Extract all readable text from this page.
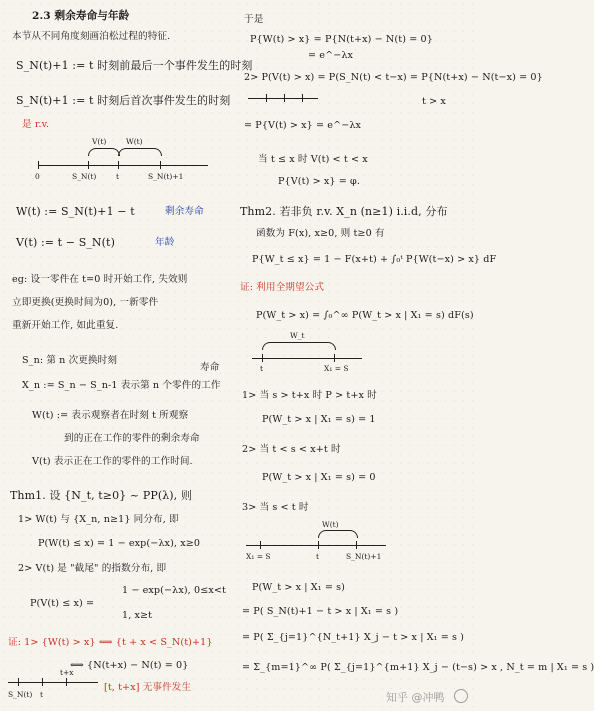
2.3 剩余寿命与年龄
本节从不同角度刻画泊松过程的特征.
S_N(t)+1 := t 时刻前最后一个事件发生的时刻
S_N(t)+1 := t 时刻后首次事件发生的时刻
是 r.v.
V(t)	W(t)
0	S_N(t)	t	S_N(t)+1
W(t) := S_N(t)+1 − t	剩余寿命
V(t) := t − S_N(t)	年龄
eg: 设一零件在 t=0 时开始工作, 失效则
立即更换(更换时间为0), 一新零件
重新开始工作, 如此重复.
S_n: 第 n 次更换时刻
X_n := S_n − S_n-1 表示第 n 个零件的工作
寿命
W(t) := 表示观察者在时刻 t 所观察
到的正在工作的零件的剩余寿命
V(t) 表示正在工作的零件的工作时间.
Thm1. 设 {N_t, t≥0} ~ PP(λ), 则
1> W(t) 与 {X_n, n≥1} 同分布, 即
P(W(t) ≤ x) = 1 − exp(−λx), x≥0
2> V(t) 是 "截尾" 的指数分布, 即
1 − exp(−λx), 0≤x<t
P(V(t) ≤ x) =
1, x≥t
证: 1> {W(t) > x} ⟺ {t + x < S_N(t)+1}
⟺ {N(t+x) − N(t) = 0}
[t, t+x] 无事件发生
S_N(t) t
t+x
于是
P{W(t) > x} = P{N(t+x) − N(t) = 0}
= e^−λx
2> P(V(t) > x) = P(S_N(t) < t−x) = P{N(t+x) − N(t−x) = 0}
t > x
= P{V(t) > x} = e^−λx
当 t ≤ x 时 V(t) < t < x
P{V(t) > x} = φ.
Thm2. 若非负 r.v. X_n (n≥1) i.i.d, 分布
函数为 F(x), x≥0, 则 t≥0 有
P{W_t ≤ x} = 1 − F(x+t) + ∫₀ᵗ P{W(t−x) > x} dF
证: 利用全期望公式
P(W_t > x) = ∫₀^∞ P(W_t > x | X₁ = s) dF(s)
W_t
t	X₁ = S
1> 当 s > t+x 时 P > t+x 时
P(W_t > x | X₁ = s) = 1
2> 当 t < s < x+t 时
P(W_t > x | X₁ = s) = 0
3> 当 s < t 时
W(t)
X₁ = S	t	S_N(t)+1
P(W_t > x | X₁ = s)
= P( S_N(t)+1 − t > x | X₁ = s )
= P( Σ_{j=1}^{N_t+1} X_j − t > x | X₁ = s )
= Σ_{m=1}^∞ P( Σ_{j=1}^{m+1} X_j − (t−s) > x , N_t = m | X₁ = s )
知乎 @冲鸭
